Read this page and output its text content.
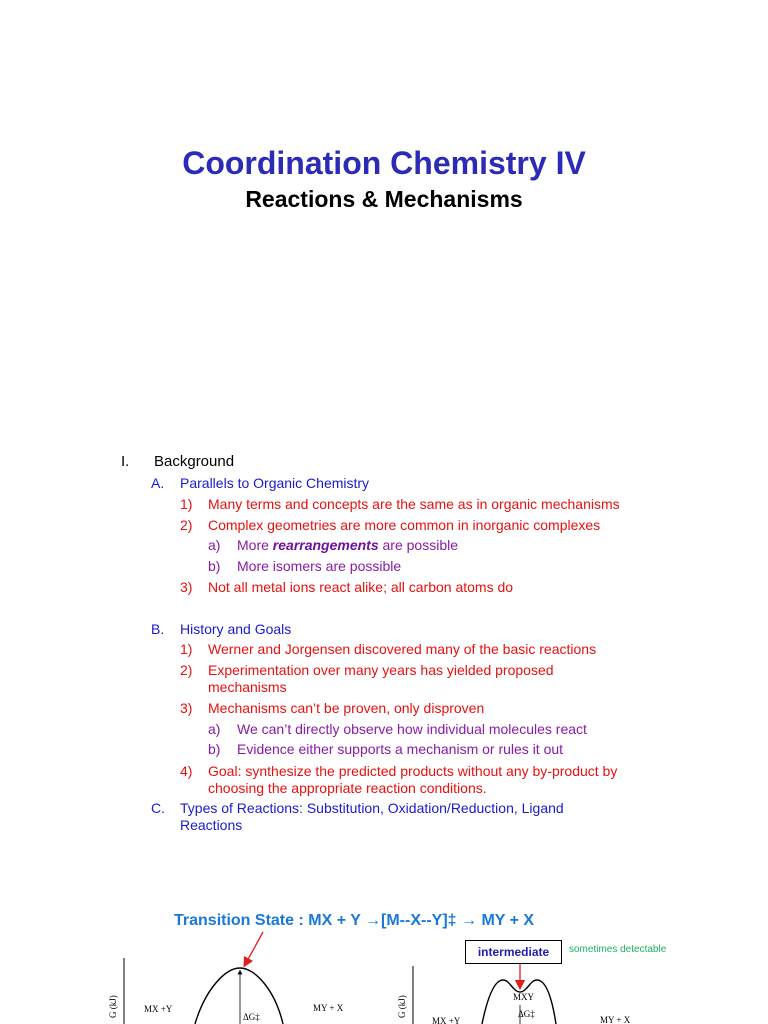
Coordination Chemistry IV
Reactions & Mechanisms
I. Background
A. Parallels to Organic Chemistry
1) Many terms and concepts are the same as in organic mechanisms
2) Complex geometries are more common in inorganic complexes
a) More rearrangements are possible
b) More isomers are possible
3) Not all metal ions react alike; all carbon atoms do
B. History and Goals
1) Werner and Jorgensen discovered many of the basic reactions
2) Experimentation over many years has yielded proposed
mechanisms
3) Mechanisms can’t be proven, only disproven
a) We can’t directly observe how individual molecules react
b) Evidence either supports a mechanism or rules it out
4) Goal: synthesize the predicted products without any by-product by
choosing the appropriate reaction conditions.
C. Types of Reactions: Substitution, Oxidation/Reduction, Ligand
Reactions
Transition State : MX + Y →[M--X--Y]‡ → MY + X
intermediate	sometimes detectable
G (kJ)	MX +Y	MY + X
ΔG‡	G (kJ)
MX +Y	MY + X
MXY
ΔG‡
